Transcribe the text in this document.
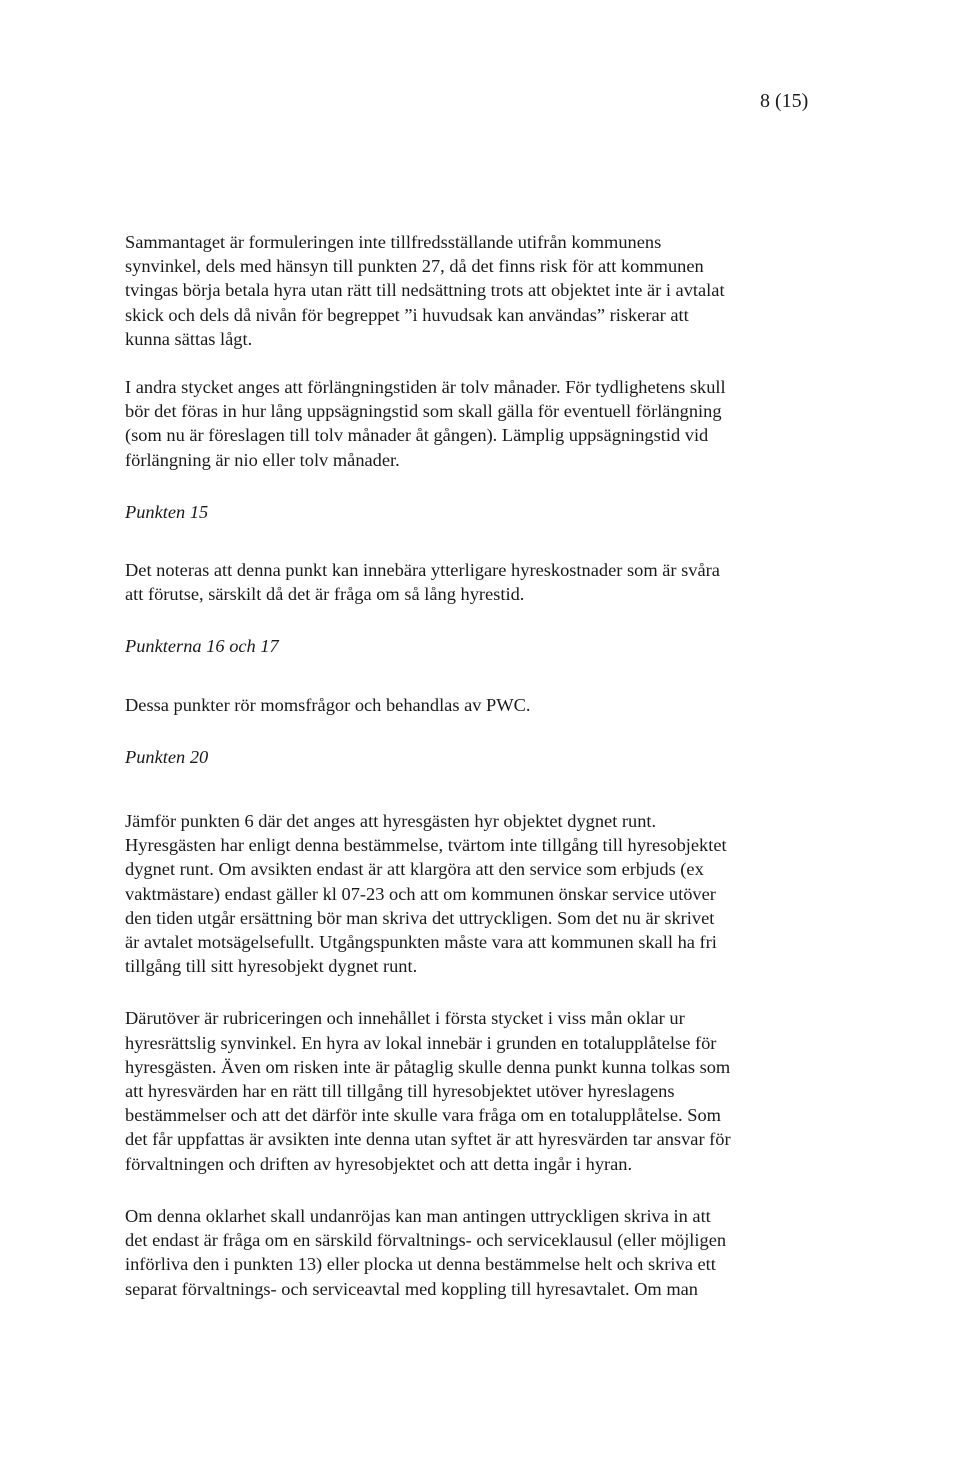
8 (15)

Sammantaget är formuleringen inte tillfredsställande utifrån kommunens
synvinkel, dels med hänsyn till punkten 27, då det finns risk för att kommunen
tvingas börja betala hyra utan rätt till nedsättning trots att objektet inte är i avtalat
skick och dels då nivån för begreppet ”i huvudsak kan användas” riskerar att
kunna sättas lågt.

I andra stycket anges att förlängningstiden är tolv månader. För tydlighetens skull
bör det föras in hur lång uppsägningstid som skall gälla för eventuell förlängning
(som nu är föreslagen till tolv månader åt gången). Lämplig uppsägningstid vid
förlängning är nio eller tolv månader.

Punkten 15

Det noteras att denna punkt kan innebära ytterligare hyreskostnader som är svåra
att förutse, särskilt då det är fråga om så lång hyrestid.

Punkterna 16 och 17

Dessa punkter rör momsfrågor och behandlas av PWC.

Punkten 20

Jämför punkten 6 där det anges att hyresgästen hyr objektet dygnet runt.
Hyresgästen har enligt denna bestämmelse, tvärtom inte tillgång till hyresobjektet
dygnet runt. Om avsikten endast är att klargöra att den service som erbjuds (ex
vaktmästare) endast gäller kl 07-23 och att om kommunen önskar service utöver
den tiden utgår ersättning bör man skriva det uttryckligen. Som det nu är skrivet
är avtalet motsägelsefullt. Utgångspunkten måste vara att kommunen skall ha fri
tillgång till sitt hyresobjekt dygnet runt.

Därutöver är rubriceringen och innehållet i första stycket i viss mån oklar ur
hyresrättslig synvinkel. En hyra av lokal innebär i grunden en totalupplåtelse för
hyresgästen. Även om risken inte är påtaglig skulle denna punkt kunna tolkas som
att hyresvärden har en rätt till tillgång till hyresobjektet utöver hyreslagens
bestämmelser och att det därför inte skulle vara fråga om en totalupplåtelse. Som
det får uppfattas är avsikten inte denna utan syftet är att hyresvärden tar ansvar för
förvaltningen och driften av hyresobjektet och att detta ingår i hyran.

Om denna oklarhet skall undanröjas kan man antingen uttryckligen skriva in att
det endast är fråga om en särskild förvaltnings- och serviceklausul (eller möjligen
införliva den i punkten 13) eller plocka ut denna bestämmelse helt och skriva ett
separat förvaltnings- och serviceavtal med koppling till hyresavtalet. Om man
